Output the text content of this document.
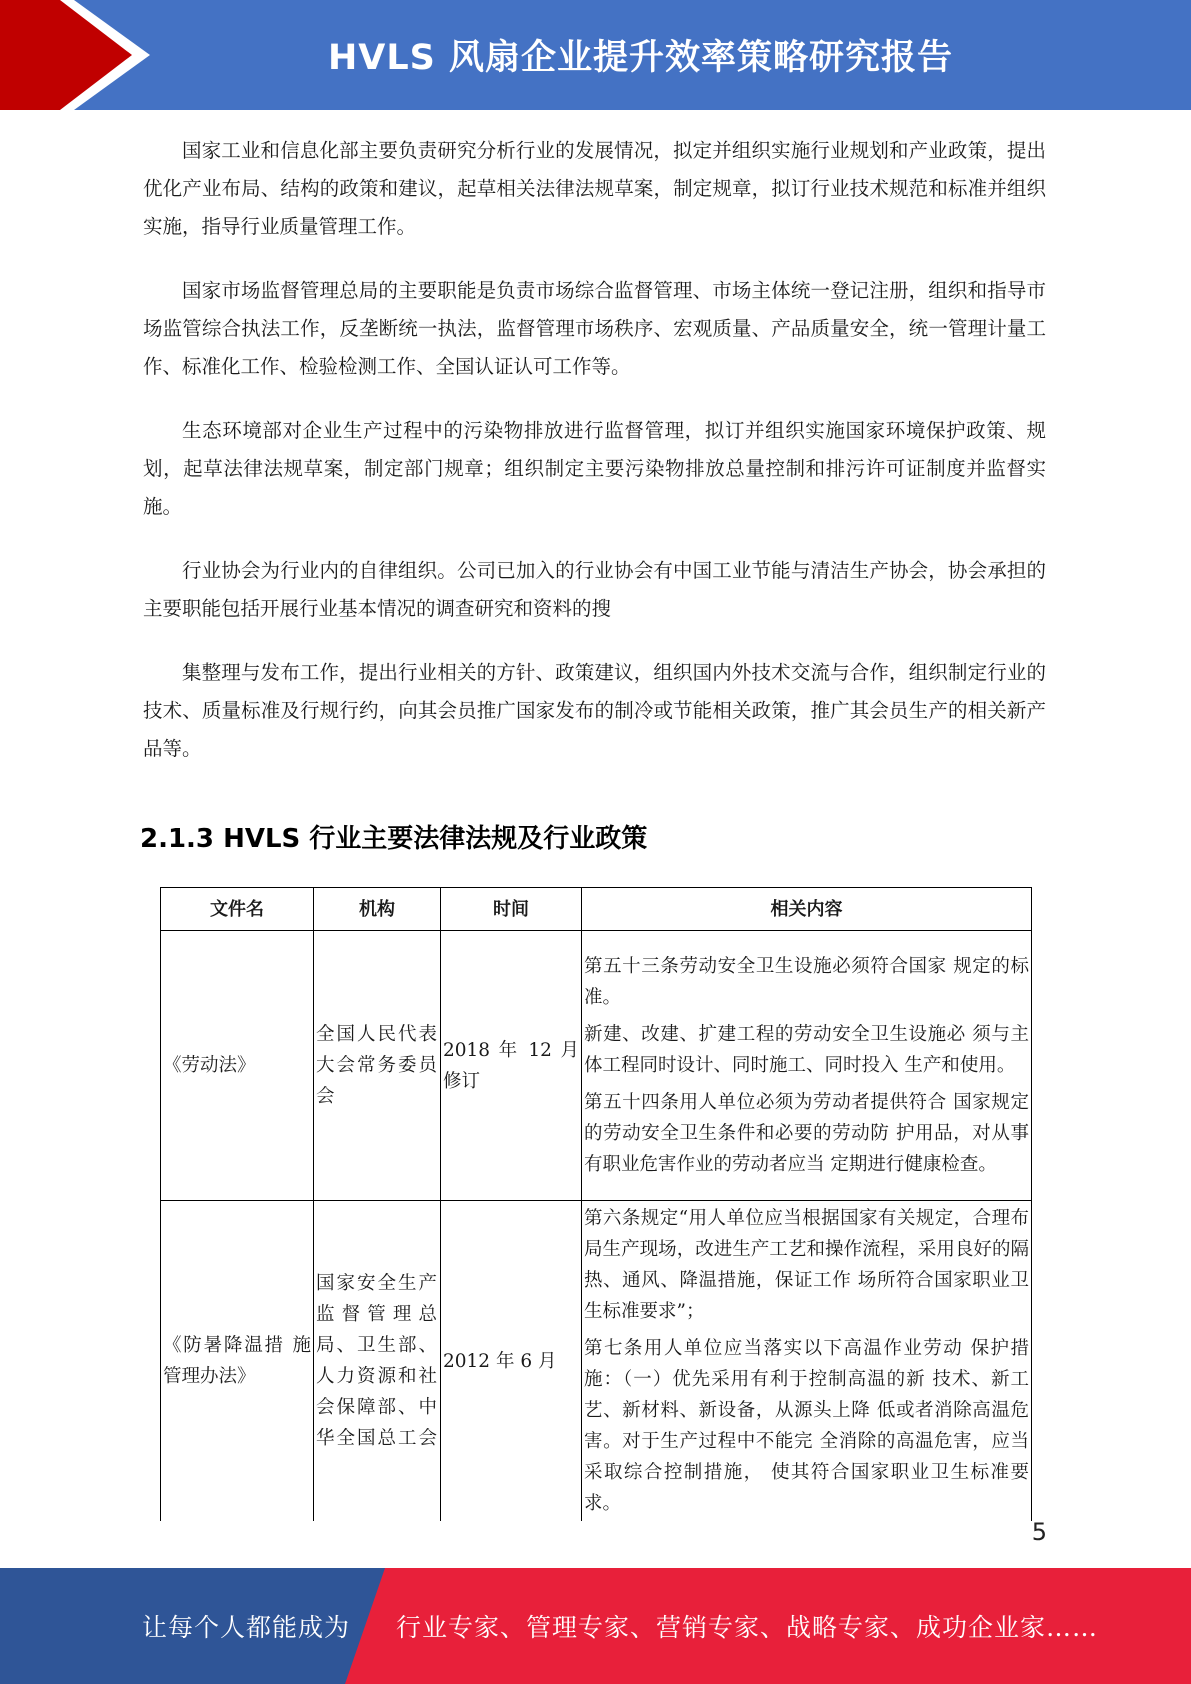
HVLS 风扇企业提升效率策略研究报告

国家工业和信息化部主要负责研究分析行业的发展情况，拟定并组织实施行业规划和产业政策，提出优化产业布局、结构的政策和建议，起草相关法律法规草案，制定规章，拟订行业技术规范和标准并组织实施，指导行业质量管理工作。

国家市场监督管理总局的主要职能是负责市场综合监督管理、市场主体统一登记注册，组织和指导市场监管综合执法工作，反垄断统一执法，监督管理市场秩序、宏观质量、产品质量安全，统一管理计量工作、标准化工作、检验检测工作、全国认证认可工作等。

生态环境部对企业生产过程中的污染物排放进行监督管理，拟订并组织实施国家环境保护政策、规划，起草法律法规草案，制定部门规章；组织制定主要污染物排放总量控制和排污许可证制度并监督实施。

行业协会为行业内的自律组织。公司已加入的行业协会有中国工业节能与清洁生产协会，协会承担的主要职能包括开展行业基本情况的调查研究和资料的搜

集整理与发布工作，提出行业相关的方针、政策建议，组织国内外技术交流与合作，组织制定行业的技术、质量标准及行规行约，向其会员推广国家发布的制冷或节能相关政策，推广其会员生产的相关新产品等。

2.1.3 HVLS 行业主要法律法规及行业政策
文件名	机构	时间	相关内容
《劳动法》	全国人民代表大会常务委员会	2018 年 12 月修订	第五十三条劳动安全卫生设施必须符合国家 规定的标准。

新建、改建、扩建工程的劳动安全卫生设施必 须与主体工程同时设计、同时施工、同时投入 生产和使用。

第五十四条用人单位必须为劳动者提供符合 国家规定的劳动安全卫生条件和必要的劳动防 护用品，对从事有职业危害作业的劳动者应当 定期进行健康检查。

《防暑降温措 施管理办法》	国家安全生产监督管理总局、卫生部、人力资源和社会保障部、中华全国总工会	2012 年 6 月	第六条规定“用人单位应当根据国家有关规定，合理布局生产现场，改进生产工艺和操作流程，采用良好的隔热、通风、降温措施，保证工作 场所符合国家职业卫生标准要求”；

第七条用人单位应当落实以下高温作业劳动 保护措施：（一）优先采用有利于控制高温的新 技术、新工艺、新材料、新设备，从源头上降 低或者消除高温危害。对于生产过程中不能完 全消除的高温危害，应当采取综合控制措施， 使其符合国家职业卫生标准要求。

5
让每个人都能成为 行业专家、管理专家、营销专家、战略专家、成功企业家……
